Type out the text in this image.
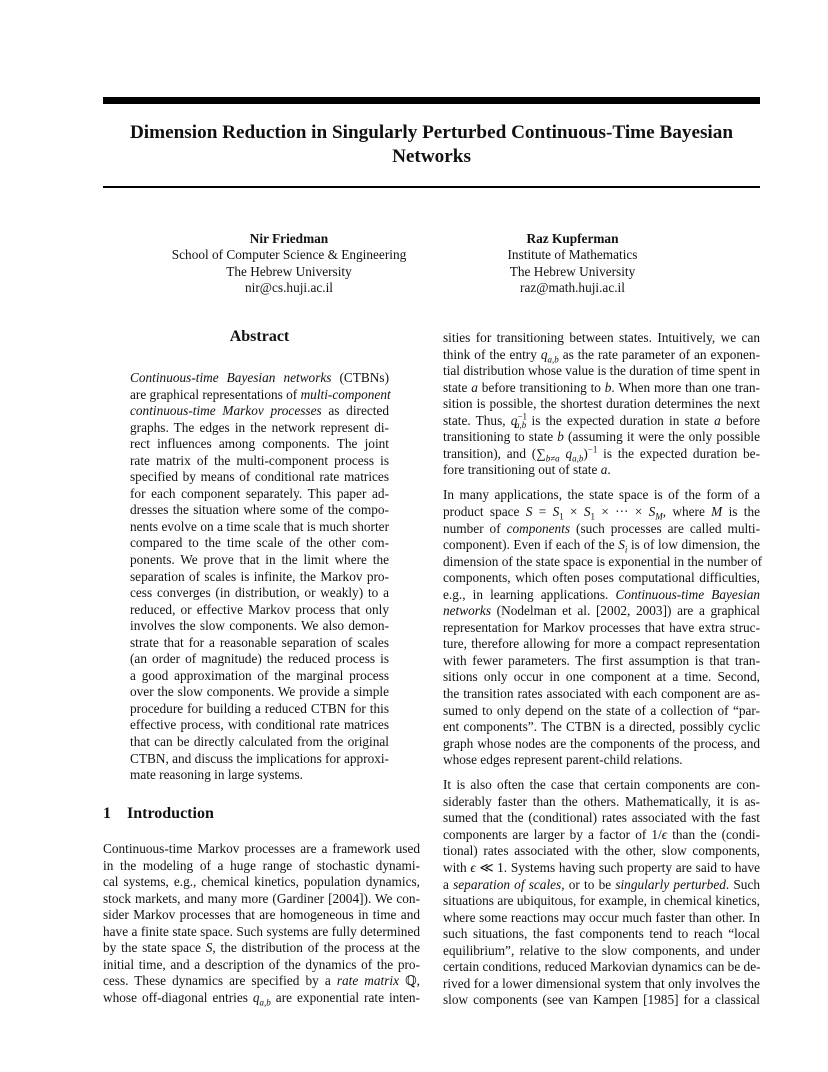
Dimension Reduction in Singularly Perturbed Continuous-Time Bayesian Networks
Nir Friedman
School of Computer Science & Engineering
The Hebrew University
nir@cs.huji.ac.il
Raz Kupferman
Institute of Mathematics
The Hebrew University
raz@math.huji.ac.il
Abstract
Continuous-time Bayesian networks (CTBNs)
are graphical representations of multi-component
continuous-time Markov processes as directed
graphs. The edges in the network represent di-
rect influences among components. The joint
rate matrix of the multi-component process is
specified by means of conditional rate matrices
for each component separately. This paper ad-
dresses the situation where some of the compo-
nents evolve on a time scale that is much shorter
compared to the time scale of the other com-
ponents. We prove that in the limit where the
separation of scales is infinite, the Markov pro-
cess converges (in distribution, or weakly) to a
reduced, or effective Markov process that only
involves the slow components. We also demon-
strate that for a reasonable separation of scales
(an order of magnitude) the reduced process is
a good approximation of the marginal process
over the slow components. We provide a simple
procedure for building a reduced CTBN for this
effective process, with conditional rate matrices
that can be directly calculated from the original
CTBN, and discuss the implications for approxi-
mate reasoning in large systems.
1 Introduction
Continuous-time Markov processes are a framework used
in the modeling of a huge range of stochastic dynami-
cal systems, e.g., chemical kinetics, population dynamics,
stock markets, and many more (Gardiner [2004]). We con-
sider Markov processes that are homogeneous in time and
have a finite state space. Such systems are fully determined
by the state space S, the distribution of the process at the
initial time, and a description of the dynamics of the pro-
cess. These dynamics are specified by a rate matrix ℚ,
whose off-diagonal entries $q_{a,b}$ are exponential rate inten-

sities for transitioning between states. Intuitively, we can
think of the entry $q_{a,b}$ as the rate parameter of an exponen-
tial distribution whose value is the duration of time spent in
state a before transitioning to b. When more than one tran-
sition is possible, the shortest duration determines the next
state. Thus, $q^{-1}_{a,b}$ is the expected duration in state a before
transitioning to state b (assuming it were the only possible
transition), and ($\sum_{b\ne a}$ $q_{a,b})^{-1}$ is the expected duration be-
fore transitioning out of state a.

In many applications, the state space is of the form of a
product space $S = S_1 \times S_1$ × ··· × $S_M$, where M is the
number of components (such processes are called multi-
component). Even if each of the $S_i$ is of low dimension, the
dimension of the state space is exponential in the number of
components, which often poses computational difficulties,
e.g., in learning applications. Continuous-time Bayesian
networks (Nodelman et al. [2002, 2003]) are a graphical
representation for Markov processes that have extra struc-
ture, therefore allowing for more a compact representation
with fewer parameters. The first assumption is that tran-
sitions only occur in one component at a time. Second,
the transition rates associated with each component are as-
sumed to only depend on the state of a collection of “par-
ent components”. The CTBN is a directed, possibly cyclic
graph whose nodes are the components of the process, and
whose edges represent parent-child relations.

It is also often the case that certain components are con-
siderably faster than the others. Mathematically, it is as-
sumed that the (conditional) rates associated with the fast
components are larger by a factor of 1/ϵ than the (condi-
tional) rates associated with the other, slow components,
with ϵ ≪ 1. Systems having such property are said to have
a separation of scales, or to be singularly perturbed. Such
situations are ubiquitous, for example, in chemical kinetics,
where some reactions may occur much faster than other. In
such situations, the fast components tend to reach “local
equilibrium”, relative to the slow components, and under
certain conditions, reduced Markovian dynamics can be de-
rived for a lower dimensional system that only involves the
slow components (see van Kampen [1985] for a classical
